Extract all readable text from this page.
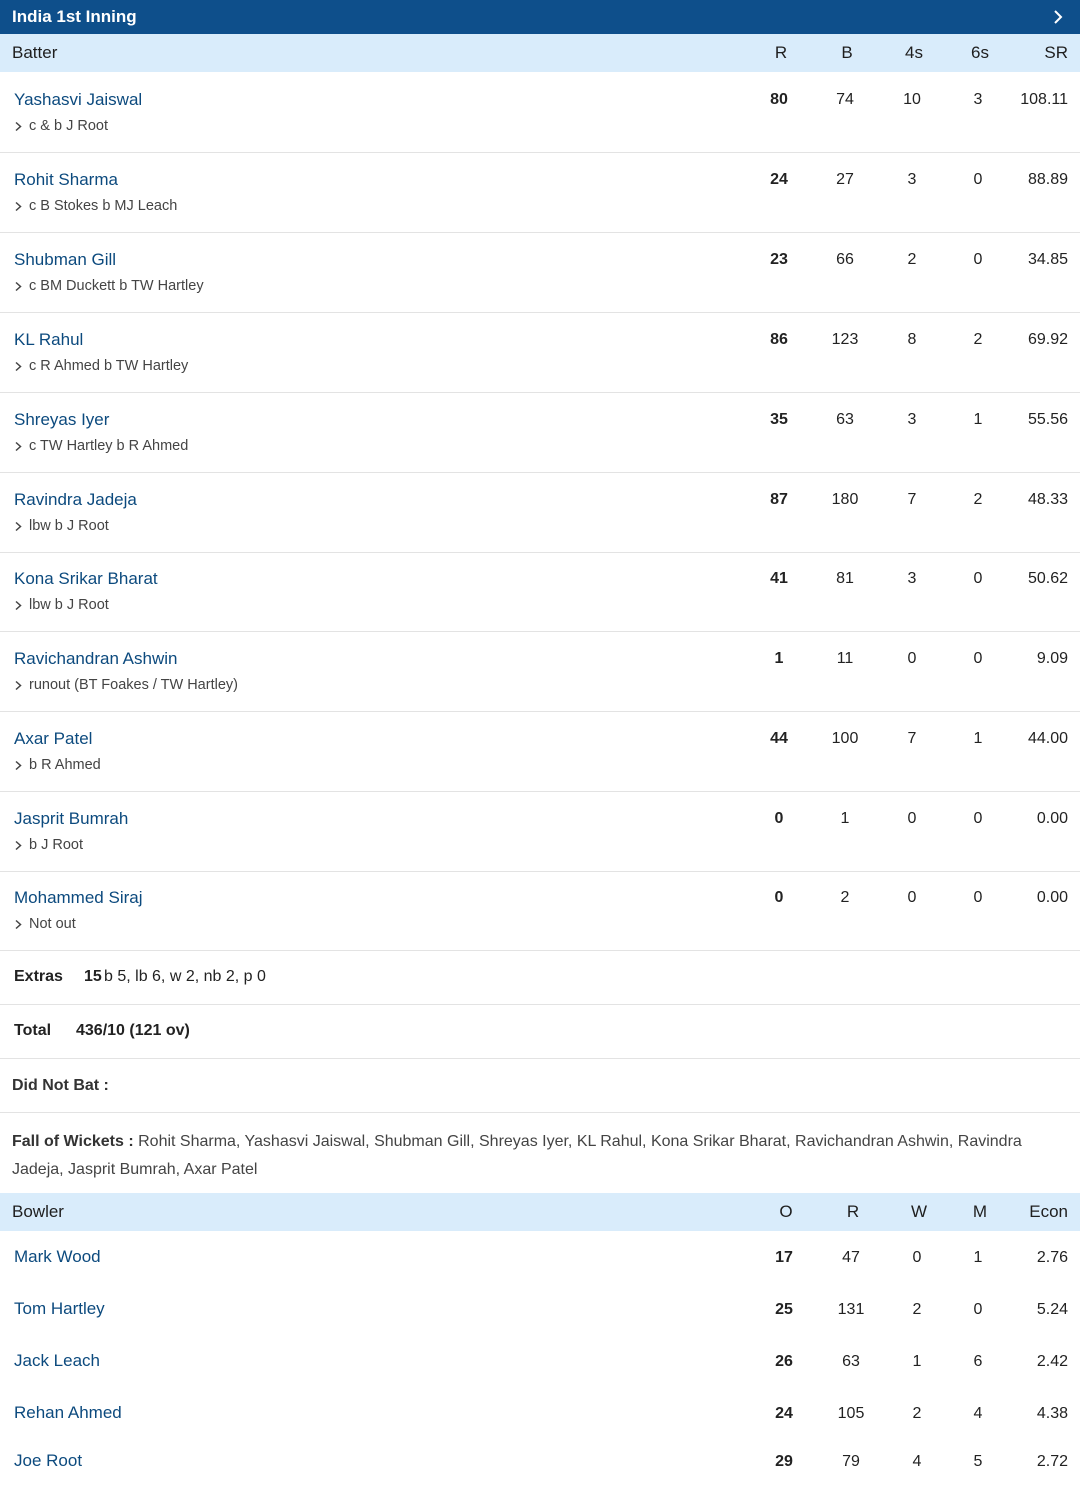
India 1st Inning
Batter	R	B	4s	6s	SR
Yashasvi Jaiswal
c & b J Root
80	74	10	3	108.11
Rohit Sharma
c B Stokes b MJ Leach
24	27	3	0	88.89
Shubman Gill
c BM Duckett b TW Hartley
23	66	2	0	34.85
KL Rahul
c R Ahmed b TW Hartley
86	123	8	2	69.92
Shreyas Iyer
c TW Hartley b R Ahmed
35	63	3	1	55.56
Ravindra Jadeja
lbw b J Root
87	180	7	2	48.33
Kona Srikar Bharat
lbw b J Root
41	81	3	0	50.62
Ravichandran Ashwin
runout (BT Foakes / TW Hartley)
1	11	0	0	9.09
Axar Patel
b R Ahmed
44	100	7	1	44.00
Jasprit Bumrah
b J Root
0	1	0	0	0.00
Mohammed Siraj
Not out
0	2	0	0	0.00
Extras 15 b 5, lb 6, w 2, nb 2, p 0
Total 436/10 (121 ov)
Did Not Bat :
Fall of Wickets : Rohit Sharma, Yashasvi Jaiswal, Shubman Gill, Shreyas Iyer, KL Rahul, Kona Srikar Bharat, Ravichandran Ashwin, Ravindra Jadeja, Jasprit Bumrah, Axar Patel
Bowler	O	R	W	M	Econ
Mark Wood	17	47	0	1	2.76
Tom Hartley	25	131	2	0	5.24
Jack Leach	26	63	1	6	2.42
Rehan Ahmed	24	105	2	4	4.38
Joe Root	29	79	4	5	2.72
